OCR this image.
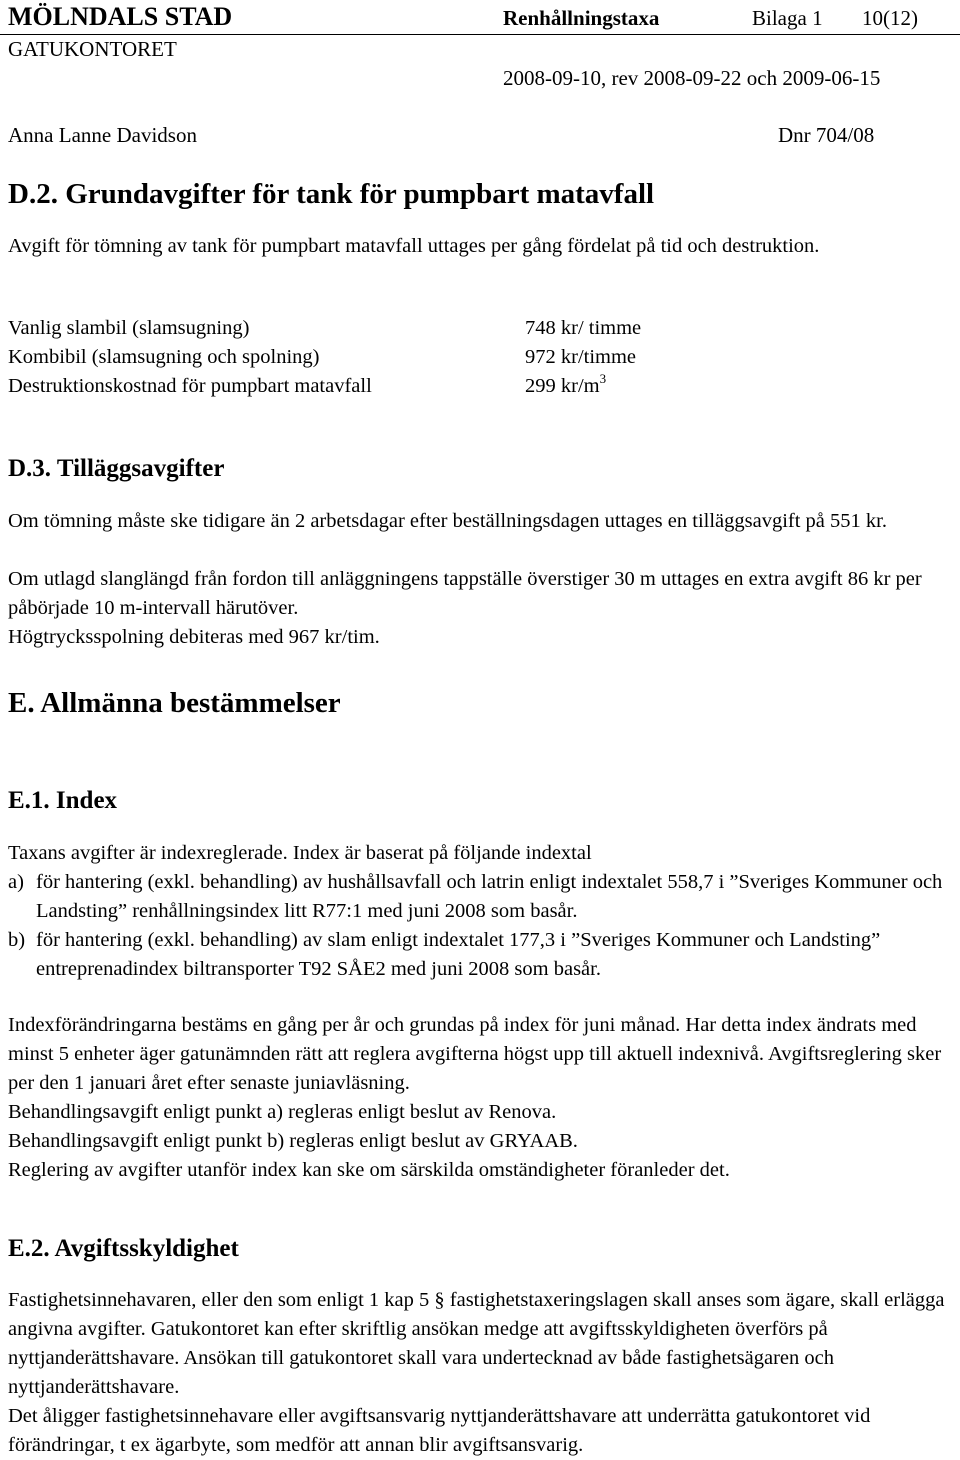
MÖLNDALS STAD	Renhållningstaxa	Bilaga 1 10(12)
GATUKONTORET
2008-09-10, rev 2008-09-22 och 2009-06-15
Anna Lanne Davidson	Dnr 704/08
D.2. Grundavgifter för tank för pumpbart matavfall
Avgift för tömning av tank för pumpbart matavfall uttages per gång fördelat på tid och destruktion.
Vanlig slambil (slamsugning)	748 kr/ timme
Kombibil (slamsugning och spolning)	972 kr/timme
Destruktionskostnad för pumpbart matavfall	299 $kr/m^3$
D.3. Tilläggsavgifter
Om tömning måste ske tidigare än 2 arbetsdagar efter beställningsdagen uttages en tilläggsavgift på 551 kr.
Om utlagd slanglängd från fordon till anläggningens tappställe överstiger 30 m uttages en extra avgift 86 kr per påbörjade 10 m-intervall härutöver.
Högtrycksspolning debiteras med 967 kr/tim.
E. Allmänna bestämmelser
E.1. Index
Taxans avgifter är indexreglerade. Index är baserat på följande indextal
a) för hantering (exkl. behandling) av hushållsavfall och latrin enligt indextalet 558,7 i ”Sveriges Kommuner och Landsting” renhållningsindex litt R77:1 med juni 2008 som basår.
b) för hantering (exkl. behandling) av slam enligt indextalet 177,3 i ”Sveriges Kommuner och Landsting” entreprenadindex biltransporter T92 SÅE2 med juni 2008 som basår.
Indexförändringarna bestäms en gång per år och grundas på index för juni månad. Har detta index ändrats med minst 5 enheter äger gatunämnden rätt att reglera avgifterna högst upp till aktuell indexnivå. Avgiftsreglering sker per den 1 januari året efter senaste juniavläsning.
Behandlingsavgift enligt punkt a) regleras enligt beslut av Renova.
Behandlingsavgift enligt punkt b) regleras enligt beslut av GRYAAB.
Reglering av avgifter utanför index kan ske om särskilda omständigheter föranleder det.
E.2. Avgiftsskyldighet
Fastighetsinnehavaren, eller den som enligt 1 kap 5 § fastighetstaxeringslagen skall anses som ägare, skall erlägga angivna avgifter. Gatukontoret kan efter skriftlig ansökan medge att avgiftsskyldigheten överförs på nyttjanderättshavare. Ansökan till gatukontoret skall vara undertecknad av både fastighetsägaren och nyttjanderättshavare.
Det åligger fastighetsinnehavare eller avgiftsansvarig nyttjanderättshavare att underrätta gatukontoret vid förändringar, t ex ägarbyte, som medför att annan blir avgiftsansvarig.
